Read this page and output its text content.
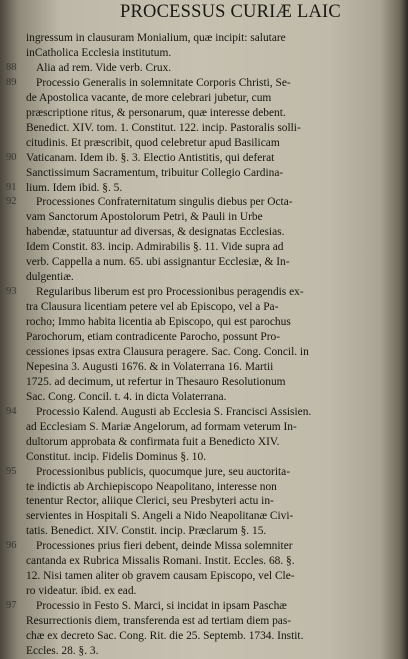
PROCESSUS CURIÆ LAIC
ingressum in clausuram Monialium, quæ incipit: salutare
inCatholica Ecclesia institutum.
88	Alia ad rem. Vide verb. Crux.
89	Processio Generalis in solemnitate Corporis Christi, Se-
de Apostolica vacante, de more celebrari jubetur, cum
præscriptione ritus, & personarum, quæ interesse debent.
Benedict. XIV. tom. 1. Constitut. 122. incip. Pastoralis solli-
citudinis. Et præscribit, quod celebretur apud Basilicam
90 Vaticanam. Idem ib. §. 3. Electio Antistitis, qui deferat
Sanctissimum Sacramentum, tribuitur Collegio Cardina-
91 lium. Idem ibid. §. 5.
92	Processiones Confraternitatum singulis diebus per Octa-
vam Sanctorum Apostolorum Petri, & Pauli in Urbe
habendæ, statuuntur ad diversas, & designatas Ecclesias.
Idem Constit. 83. incip. Admirabilis §. 11. Vide supra ad
verb. Cappella a num. 65. ubi assignantur Ecclesiæ, & In-
dulgentiæ.
93	Regularibus liberum est pro Processionibus peragendis ex-
tra Clausura licentiam petere vel ab Episcopo, vel a Pa-
rocho; Immo habita licentia ab Episcopo, qui est parochus
Parochorum, etiam contradicente Parocho, possunt Pro-
cessiones ipsas extra Clausura peragere. Sac. Cong. Concil. in
Nepesina 3. Augusti 1676. & in Volaterrana 16. Martii
1725. ad decimum, ut refertur in Thesauro Resolutionum
Sac. Cong. Concil. t. 4. in dicta Volaterrana.
94	Processio Kalend. Augusti ab Ecclesia S. Francisci Assisien.
ad Ecclesiam S. Mariæ Angelorum, ad formam veterum In-
dultorum approbata & confirmata fuit a Benedicto XIV.
Constitut. incip. Fidelis Dominus §. 10.
95	Processionibus publicis, quocumque jure, seu auctorita-
te indictis ab Archiepiscopo Neapolitano, interesse non
tenentur Rector, aliique Clerici, seu Presbyteri actu in-
servientes in Hospitali S. Angeli a Nido Neapolitanæ Civi-
tatis. Benedict. XIV. Constit. incip. Præclarum §. 15.
96	Processiones prius fieri debent, deinde Missa solemniter
cantanda ex Rubrica Missalis Romani. Instit. Eccles. 68. §.
12. Nisi tamen aliter ob gravem causam Episcopo, vel Cle-
ro videatur. ibid. ex ead.
97	Processio in Festo S. Marci, si incidat in ipsam Paschæ
Resurrectionis diem, transferenda est ad tertiam diem pas-
chæ ex decreto Sac. Cong. Rit. die 25. Septemb. 1734. Instit.
Eccles. 28. §. 3.
